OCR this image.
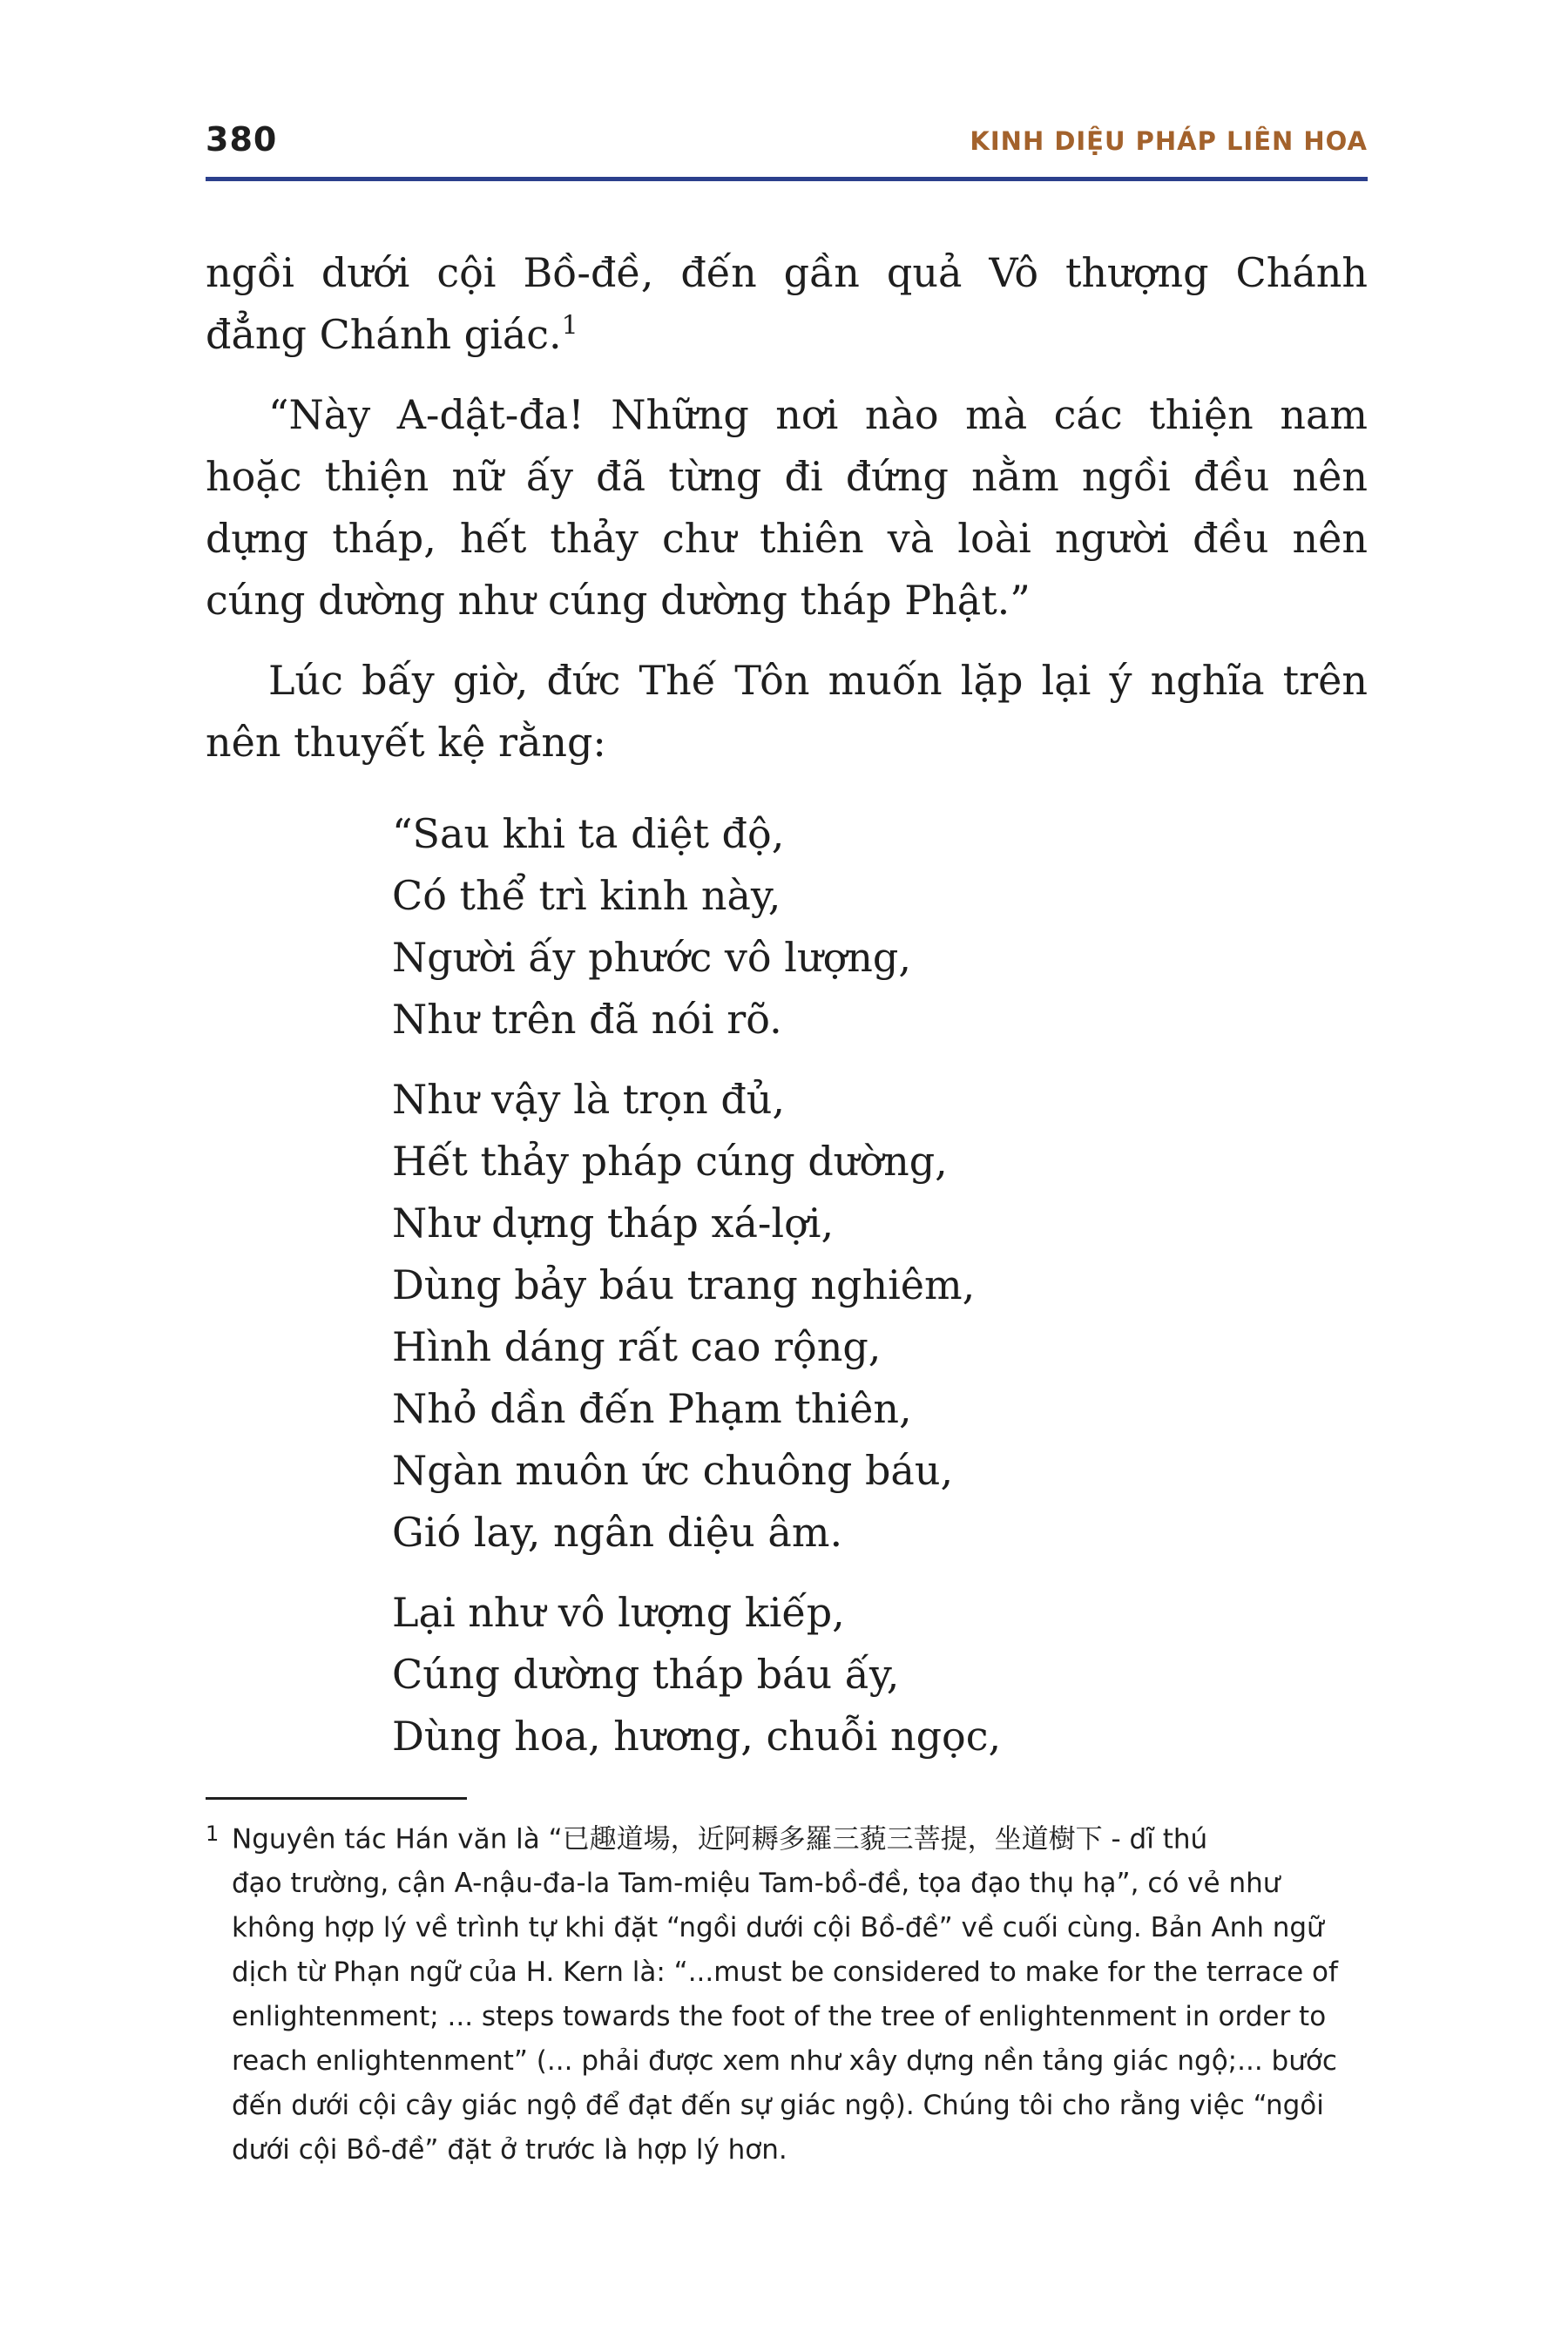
380	KINH DIỆU PHÁP LIÊN HOA

ngồi dưới cội Bồ-đề, đến gần quả Vô thượng Chánh
đẳng Chánh giác.$^1$

“Này A-dật-đa! Những nơi nào mà các thiện nam
hoặc thiện nữ ấy đã từng đi đứng nằm ngồi đều nên
dựng tháp, hết thảy chư thiên và loài người đều nên
cúng dường như cúng dường tháp Phật.”

Lúc bấy giờ, đức Thế Tôn muốn lặp lại ý nghĩa trên
nên thuyết kệ rằng:

“Sau khi ta diệt độ,
Có thể trì kinh này,
Người ấy phước vô lượng,
Như trên đã nói rõ.
Như vậy là trọn đủ,
Hết thảy pháp cúng dường,
Như dựng tháp xá-lợi,
Dùng bảy báu trang nghiêm,
Hình dáng rất cao rộng,
Nhỏ dần đến Phạm thiên,
Ngàn muôn ức chuông báu,
Gió lay, ngân diệu âm.
Lại như vô lượng kiếp,
Cúng dường tháp báu ấy,
Dùng hoa, hương, chuỗi ngọc,
1 Nguyên tác Hán văn là “已趣道場，近阿耨多羅三藐三菩提，坐道樹下 - dĩ thú
đạo trường, cận A-nậu-đa-la Tam-miệu Tam-bồ-đề, tọa đạo thụ hạ”, có vẻ như
không hợp lý về trình tự khi đặt “ngồi dưới cội Bồ-đề” về cuối cùng. Bản Anh ngữ
dịch từ Phạn ngữ của H. Kern là: “...must be considered to make for the terrace of
enlightenment; ... steps towards the foot of the tree of enlightenment in order to
reach enlightenment” (... phải được xem như xây dựng nền tảng giác ngộ;... bước
đến dưới cội cây giác ngộ để đạt đến sự giác ngộ). Chúng tôi cho rằng việc “ngồi
dưới cội Bồ-đề” đặt ở trước là hợp lý hơn.
